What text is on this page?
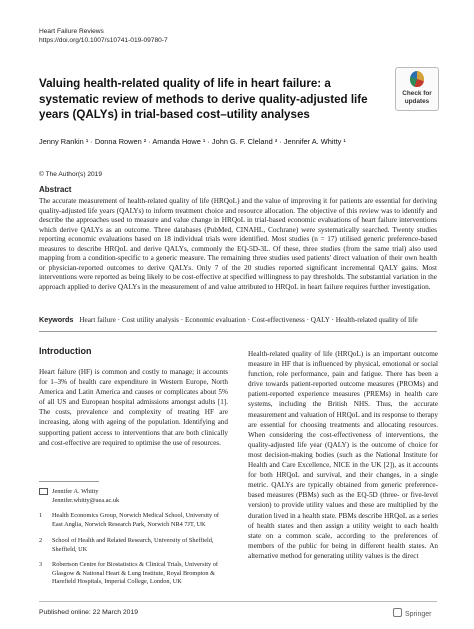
Heart Failure Reviews
https://doi.org/10.1007/s10741-019-09780-7
Check for
updates
Valuing health-related quality of life in heart failure: a systematic review of methods to derive quality-adjusted life years (QALYs) in trial-based cost–utility analyses
Jenny Rankin ¹ · Donna Rowen ² · Amanda Howe ¹ · John G. F. Cleland ³ · Jennifer A. Whitty ¹
© The Author(s) 2019
Abstract

The accurate measurement of health-related quality of life (HRQoL) and the value of improving it for patients are essential for deriving quality-adjusted life years (QALYs) to inform treatment choice and resource allocation. The objective of this review was to identify and describe the approaches used to measure and value change in HRQoL in trial-based economic evaluations of heart failure interventions which derive QALYs as an outcome. Three databases (PubMed, CINAHL, Cochrane) were systematically searched. Twenty studies reporting economic evaluations based on 18 individual trials were identified. Most studies (n = 17) utilised generic preference-based measures to describe HRQoL and derive QALYs, commonly the EQ-5D-3L. Of these, three studies (from the same trial) also used mapping from a condition-specific to a generic measure. The remaining three studies used patients' direct valuation of their own health or physician-reported outcomes to derive QALYs. Only 7 of the 20 studies reported significant incremental QALY gains. Most interventions were reported as being likely to be cost-effective at specified willingness to pay thresholds. The substantial variation in the approach applied to derive QALYs in the measurement of and value attributed to HRQoL in heart failure requires further investigation.

Keywords Heart failure · Cost utility analysis · Economic evaluation · Cost-effectiveness · QALY · Health-related quality of life
Introduction

Heart failure (HF) is common and costly to manage; it accounts for 1–3% of health care expenditure in Western Europe, North America and Latin America and causes or complicates about 5% of all US and European hospital admissions amongst adults [1]. The costs, prevalence and complexity of treating HF are increasing, along with ageing of the population. Identifying and supporting patient access to interventions that are both clinically and cost-effective are required to optimise the use of resources.

Health-related quality of life (HRQoL) is an important outcome measure in HF that is influenced by physical, emotional or social function, role performance, pain and fatigue. There has been a drive towards patient-reported outcome measures (PROMs) and patient-reported experience measures (PREMs) in health care systems, including the British NHS. Thus, the accurate measurement and valuation of HRQoL and its response to therapy are essential for choosing treatments and allocating resources. When considering the cost-effectiveness of interventions, the quality-adjusted life year (QALY) is the outcome of choice for most decision-making bodies (such as the National Institute for Health and Care Excellence, NICE in the UK [2]), as it accounts for both HRQoL and survival, and their changes, in a single metric. QALYs are typically obtained from generic preference-based measures (PBMs) such as the EQ-5D (three- or five-level version) to provide utility values and these are multiplied by the duration lived in a health state. PBMs describe HRQoL as a series of health states and then assign a utility weight to each health state on a common scale, according to the preferences of members of the public for being in different health states. An alternative method for generating utility values is the direct

Jennifer A. Whitty
Jennifer.whitty@uea.ac.uk
1	Health Economics Group, Norwich Medical School, University of East Anglia, Norwich Research Park, Norwich NR4 7JT, UK
2	School of Health and Related Research, University of Sheffield, Sheffield, UK
3	Robertson Centre for Biostatistics & Clinical Trials, University of Glasgow & National Heart & Lung Institute, Royal Brompton & Harefield Hospitals, Imperial College, London, UK
Published online: 22 March 2019	Springer
